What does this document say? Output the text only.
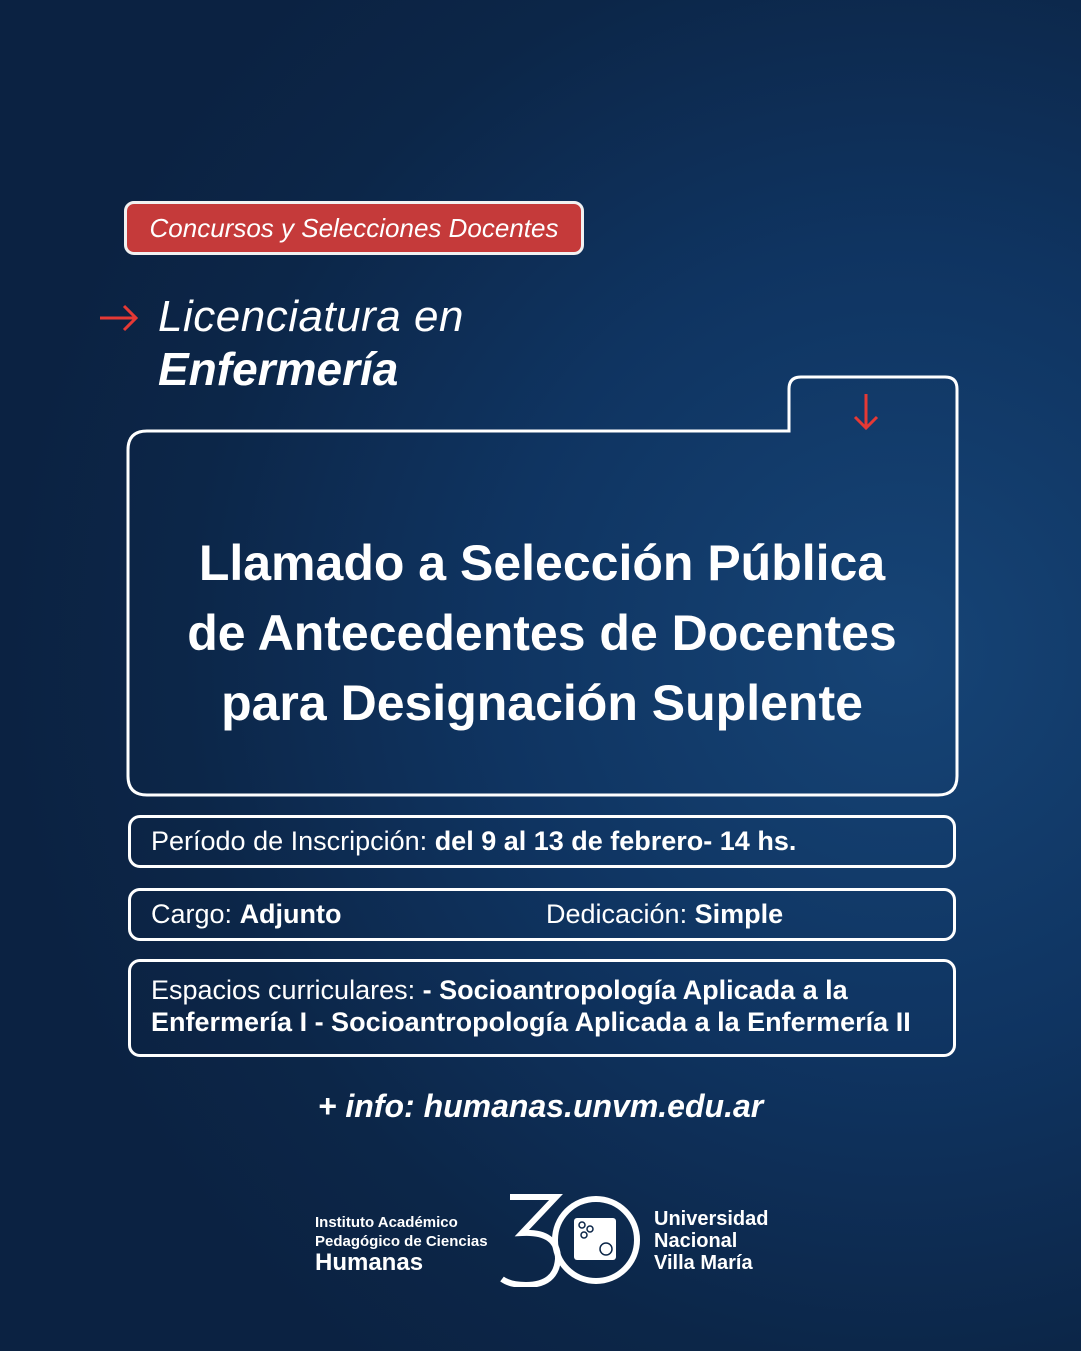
Concursos y Selecciones Docentes
Licenciatura en
Enfermería
Llamado a Selección Pública
de Antecedentes de Docentes
para Designación Suplente
Período de Inscripción:
del 9 al 13 de febrero- 14 hs.
Cargo: Adjunto	Dedicación: Simple
Espacios curriculares: - Socioantropología Aplicada a la Enfermería I - Socioantropología Aplicada a la Enfermería II
+ info: humanas.unvm.edu.ar
Instituto Académico
Pedagógico de Ciencias
Humanas
Universidad
Nacional
Villa María
